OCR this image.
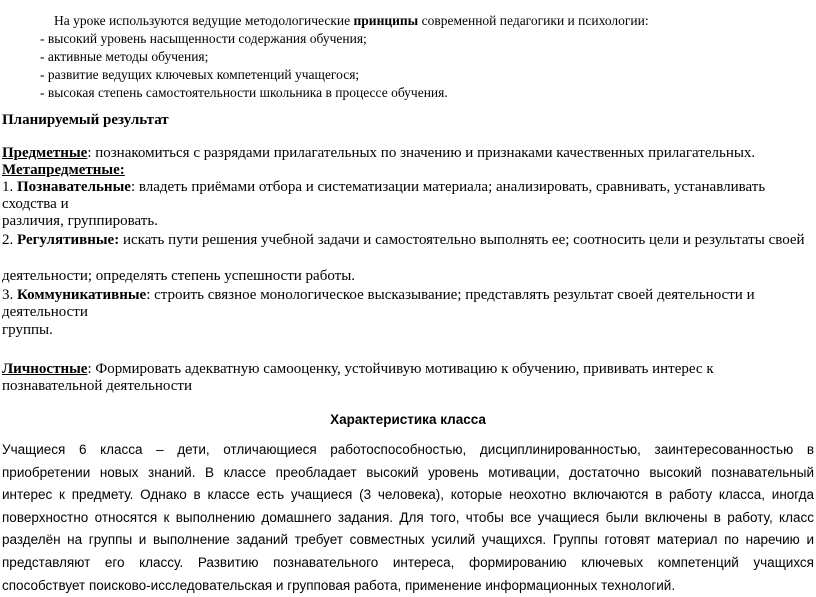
На уроке используются ведущие методологические принципы современной педагогики и психологии:

- высокий уровень насыщенности содержания обучения;

- активные методы обучения;

- развитие ведущих ключевых компетенций учащегося;

- высокая степень самостоятельности школьника в процессе обучения.

Планируемый результат

Предметные: познакомиться с разрядами прилагательных по значению и признаками качественных прилагательных.

Метапредметные:

1. Познавательные: владеть приёмами отбора и систематизации материала; анализировать, сравнивать, устанавливать сходства и

различия, группировать.

2. Регулятивные: искать пути решения учебной задачи и самостоятельно выполнять ее; соотносить цели и результаты своей

деятельности; определять степень успешности работы.

3. Коммуникативные: строить связное монологическое высказывание; представлять результат своей деятельности и деятельности

группы.

Личностные: Формировать адекватную самооценку, устойчивую мотивацию к обучению, прививать интерес к

познавательной деятельности

Характеристика класса
Учащиеся 6 класса – дети, отличающиеся работоспособностью, дисциплинированностью, заинтересованностью в
приобретении новых знаний. В классе преобладает высокий уровень мотивации, достаточно высокий познавательный
интерес к предмету. Однако в классе есть учащиеся (3 человека), которые неохотно включаются в работу класса, иногда
поверхностно относятся к выполнению домашнего задания. Для того, чтобы все учащиеся были включены в работу, класс
разделён на группы и выполнение заданий требует совместных усилий учащихся. Группы готовят материал по наречию и
представляют его классу. Развитию познавательного интереса, формированию ключевых компетенций учащихся
способствует поисково-исследовательская и групповая работа, применение информационных технологий.
